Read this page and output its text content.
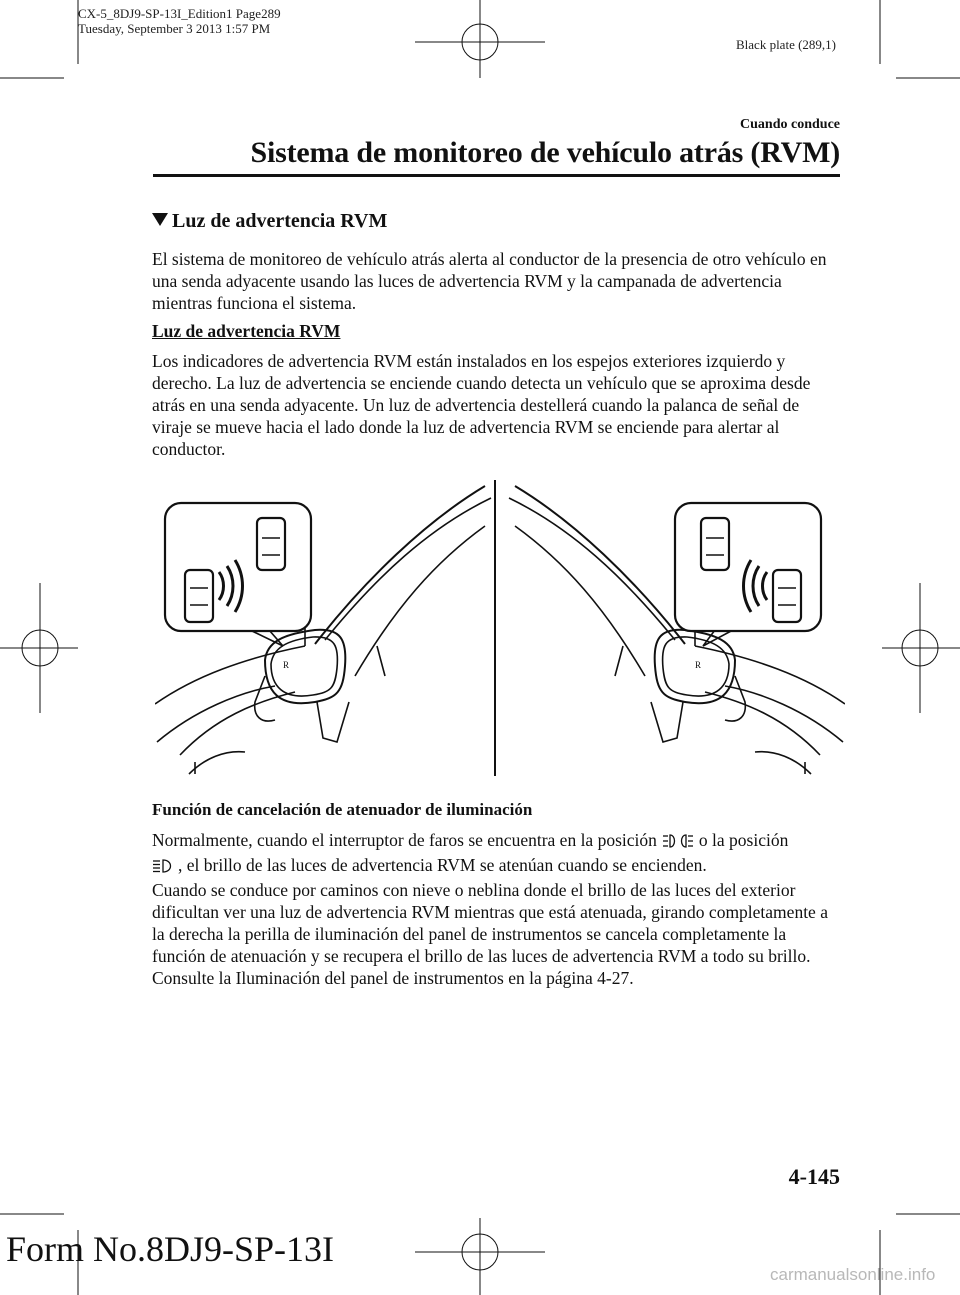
CX-5_8DJ9-SP-13I_Edition1 Page289
Tuesday, September 3 2013 1:57 PM
Black plate (289,1)
Cuando conduce
Sistema de monitoreo de vehículo atrás (RVM)
Luz de advertencia RVM
El sistema de monitoreo de vehículo atrás alerta al conductor de la presencia de otro vehículo en una senda adyacente usando las luces de advertencia RVM y la campanada de advertencia mientras funciona el sistema.
Luz de advertencia RVM
Los indicadores de advertencia RVM están instalados en los espejos exteriores izquierdo y derecho. La luz de advertencia se enciende cuando detecta un vehículo que se aproxima desde atrás en una senda adyacente. Un luz de advertencia destellerá cuando la palanca de señal de viraje se mueve hacia el lado donde la luz de advertencia RVM se enciende para alertar al conductor.
R	R
Función de cancelación de atenuador de iluminación
Normalmente, cuando el interruptor de faros se encuentra en la posición o la posición
, el brillo de las luces de advertencia RVM se atenúan cuando se encienden.
Cuando se conduce por caminos con nieve o neblina donde el brillo de las luces del exterior dificultan ver una luz de advertencia RVM mientras que está atenuada, girando completamente a la derecha la perilla de iluminación del panel de instrumentos se cancela completamente la función de atenuación y se recupera el brillo de las luces de advertencia RVM a todo su brillo.
Consulte la Iluminación del panel de instrumentos en la página 4-27.
4-145
Form No.8DJ9-SP-13I
carmanualsonline.info
